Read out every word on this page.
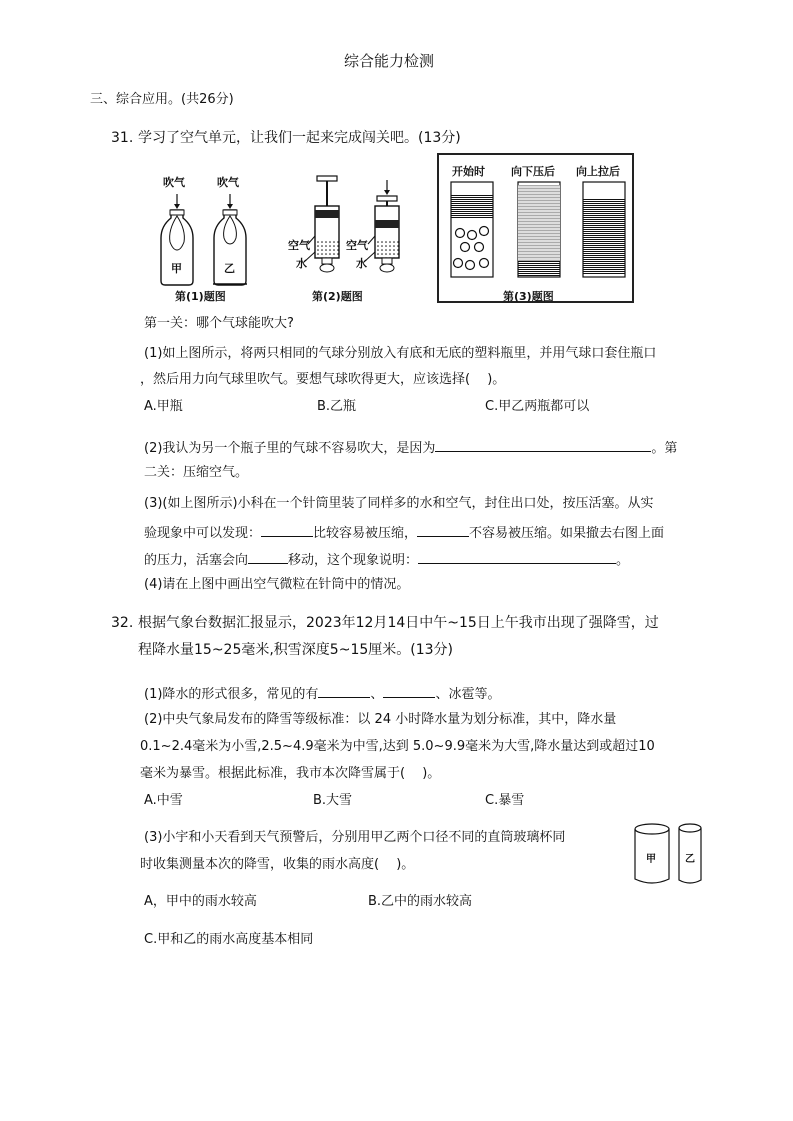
综合能力检测
三、综合应用。(共26分)
31. 学习了空气单元，让我们一起来完成闯关吧。(13分)
吹气	吹气
甲	乙
第(1)题图
空气
水
空气
水
第(2)题图
开始时 向下压后 向上拉后
第(3)题图
第一关：哪个气球能吹大?
(1)如上图所示，将两只相同的气球分别放入有底和无底的塑料瓶里，并用气球口套住瓶口
，然后用力向气球里吹气。要想气球吹得更大，应该选择(　 )。
A.甲瓶	B.乙瓶	C.甲乙两瓶都可以
(2)我认为另一个瓶子里的气球不容易吹大，是因为	。第
二关：压缩空气。
(3)(如上图所示)小科在一个针筒里装了同样多的水和空气，封住出口处，按压活塞。从实
验现象中可以发现：	比较容易被压缩，	不容易被压缩。如果撤去右图上面
的压力，活塞会向	移动，这个现象说明：	。
(4)请在上图中画出空气微粒在针筒中的情况。
32. 根据气象台数据汇报显示，2023年12月14日中午~15日上午我市出现了强降雪，过
程降水量15~25毫米,积雪深度5~15厘米。(13分)
(1)降水的形式很多，常见的有	、	、冰雹等。
(2)中央气象局发布的降雪等级标准：以 24 小时降水量为划分标准，其中，降水量
0.1~2.4毫米为小雪,2.5~4.9毫米为中雪,达到 5.0~9.9毫米为大雪,降水量达到或超过10
毫米为暴雪。根据此标准，我市本次降雪属于(　 )。
A.中雪	B.大雪	C.暴雪
(3)小宇和小天看到天气预警后，分别用甲乙两个口径不同的直筒玻璃杯同
时收集测量本次的降雪，收集的雨水高度(　 )。	甲	乙
A，甲中的雨水较高	B.乙中的雨水较高
C.甲和乙的雨水高度基本相同
